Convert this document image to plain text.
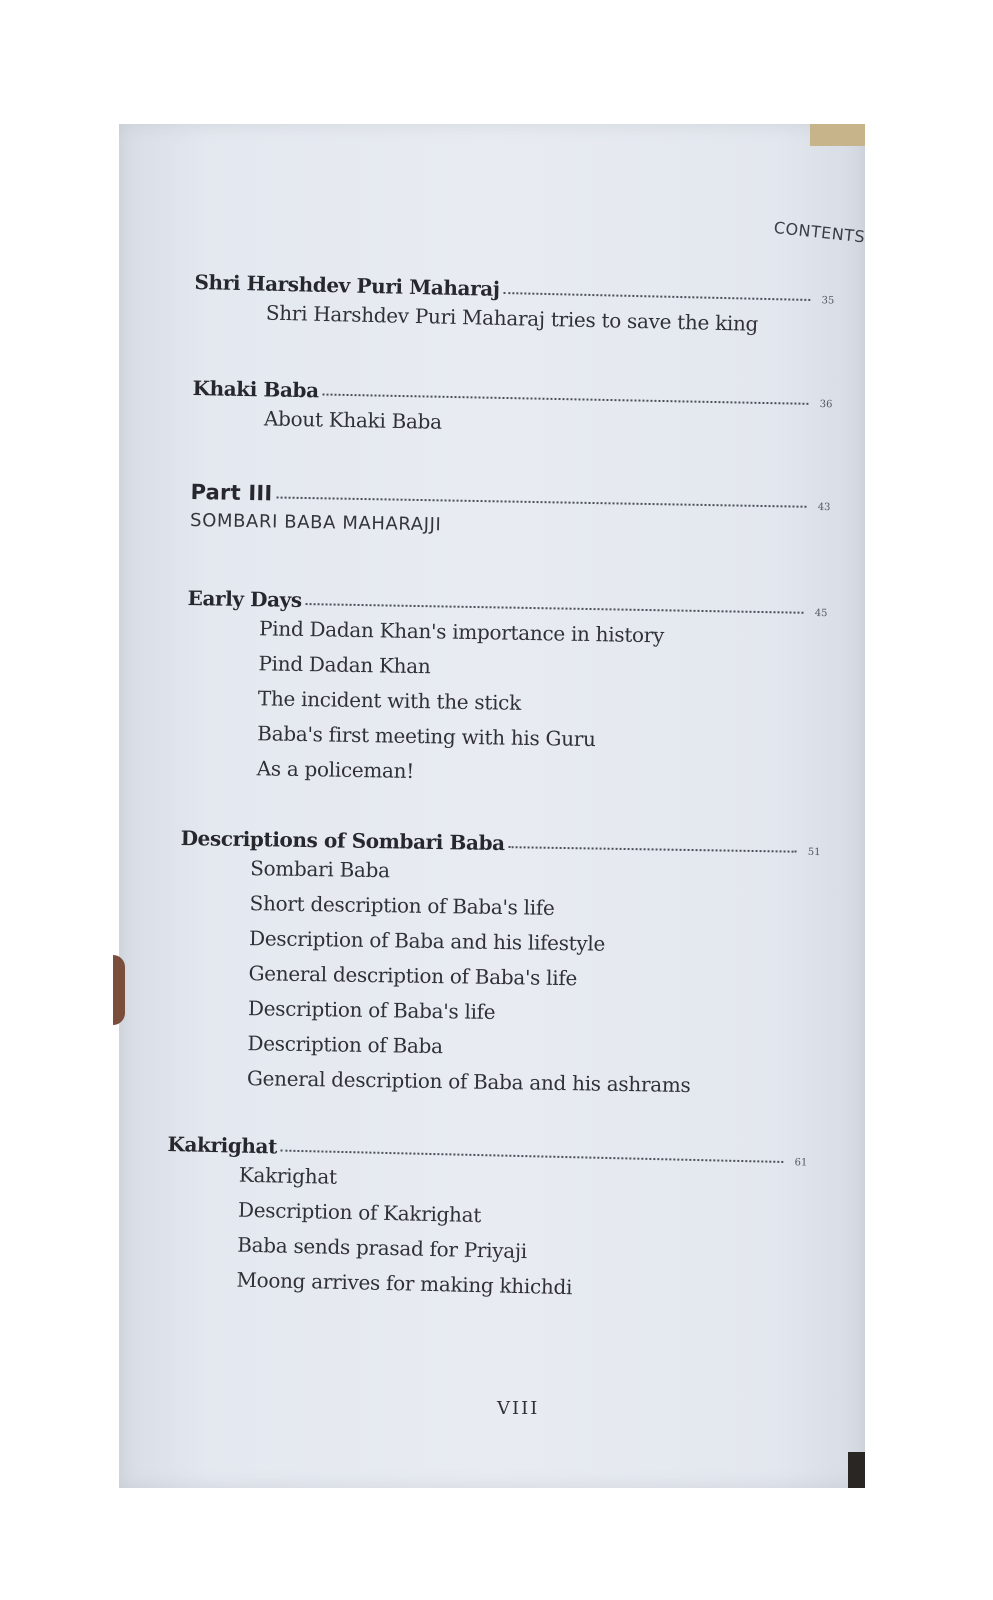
CONTENTS
Shri Harshdev Puri Maharaj	35
Shri Harshdev Puri Maharaj tries to save the king
Khaki Baba
36
About Khaki Baba
Part III
43
SOMBARI BABA MAHARAJJI
Early Days
45
Pind Dadan Khan's importance in history
Pind Dadan Khan
The incident with the stick
Baba's first meeting with his Guru
As a policeman!
Descriptions of Sombari Baba	51
Sombari Baba
Short description of Baba's life
Description of Baba and his lifestyle
General description of Baba's life
Description of Baba's life
Description of Baba
General description of Baba and his ashrams
Kakrighat
61
Kakrighat
Description of Kakrighat
Baba sends prasad for Priyaji
Moong arrives for making khichdi
VIII
